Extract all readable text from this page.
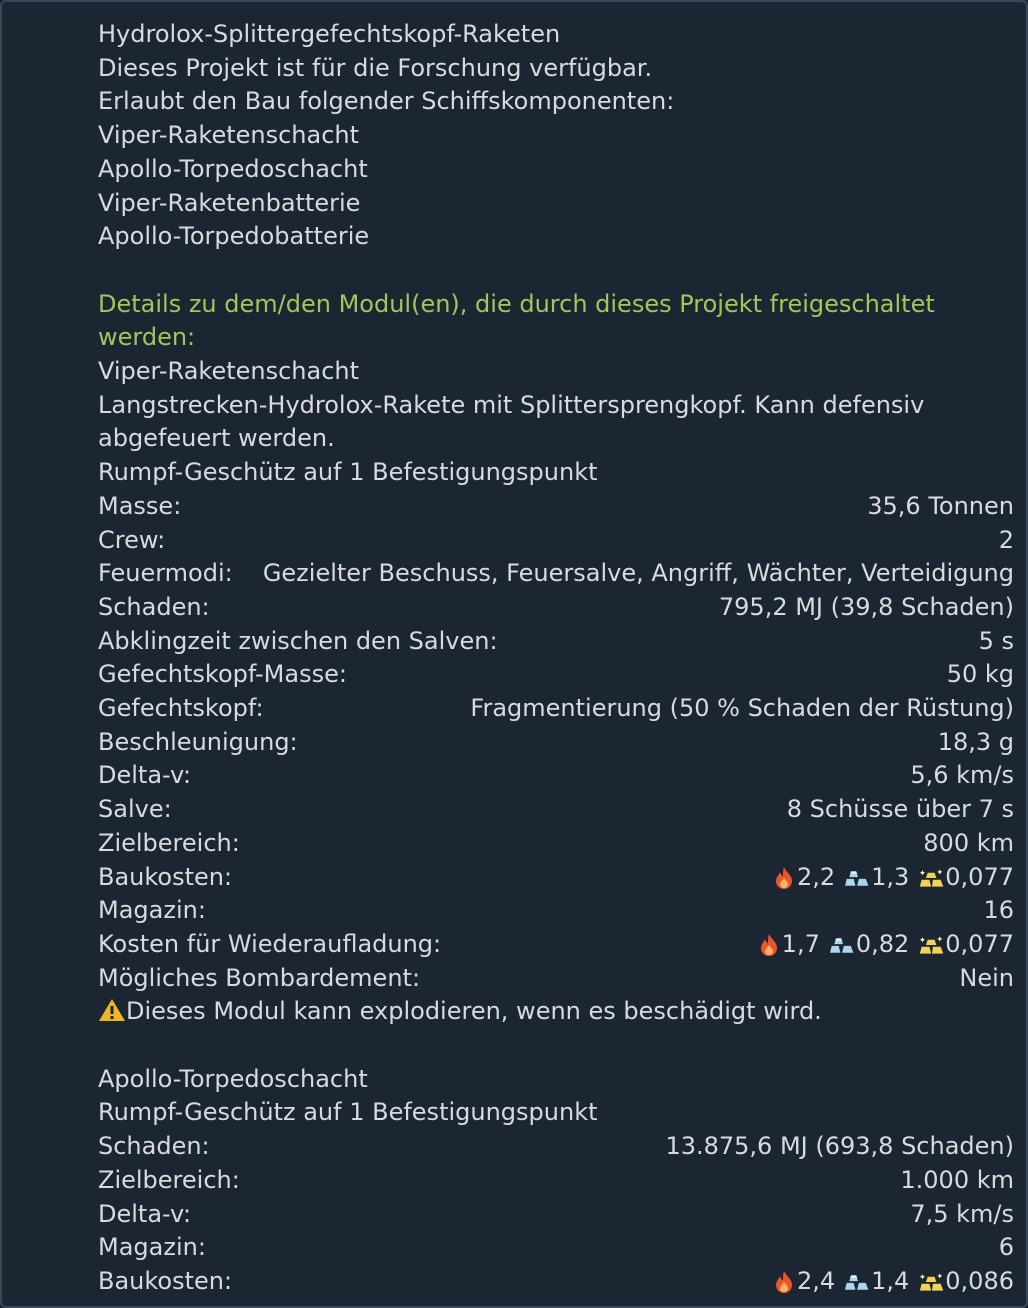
Hydrolox-Splittergefechtskopf-Raketen
Dieses Projekt ist für die Forschung verfügbar.
Erlaubt den Bau folgender Schiffskomponenten:
Viper-Raketenschacht
Apollo-Torpedoschacht
Viper-Raketenbatterie
Apollo-Torpedobatterie
Details zu dem/den Modul(en), die durch dieses Projekt freigeschaltet werden:
Viper-Raketenschacht
Langstrecken-Hydrolox-Rakete mit Splittersprengkopf. Kann defensiv abgefeuert werden.
Rumpf-Geschütz auf 1 Befestigungspunkt
Masse:	35,6 Tonnen
Crew:	2
Feuermodi: Gezielter Beschuss, Feuersalve, Angriff, Wächter, Verteidigung
Schaden:	795,2 MJ (39,8 Schaden)
Abklingzeit zwischen den Salven:	5 s
Gefechtskopf-Masse:	50 kg
Gefechtskopf:	Fragmentierung (50 % Schaden der Rüstung)
Beschleunigung:	18,3 g
Delta-v:	5,6 km/s
Salve:	8 Schüsse über 7 s
Zielbereich:	800 km
Baukosten:	2,2 1,3 0,077
Magazin:	16
Kosten für Wiederaufladung:	1,7 0,82 0,077
Mögliches Bombardement:	Nein
Dieses Modul kann explodieren, wenn es beschädigt wird.
Apollo-Torpedoschacht
Rumpf-Geschütz auf 1 Befestigungspunkt
Schaden:	13.875,6 MJ (693,8 Schaden)
Zielbereich:	1.000 km
Delta-v:	7,5 km/s
Magazin:	6
Baukosten:	2,4 1,4 0,086
